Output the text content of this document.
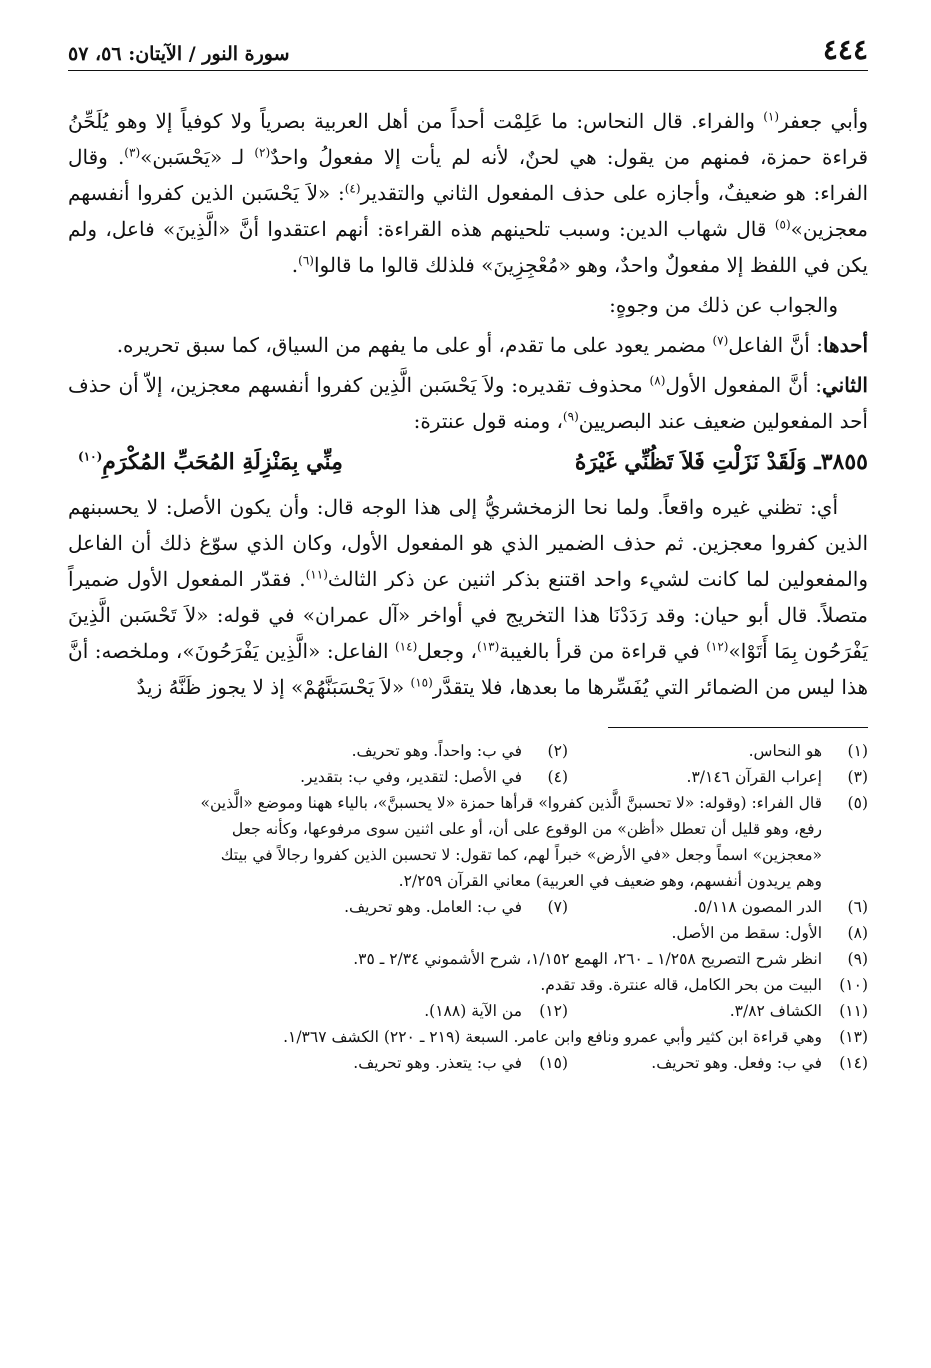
٤٤٤
سورة النور / الآيتان: ٥٦، ٥٧

وأبي جعفر$^{(١)}$ والفراء. قال النحاس: ما عَلِمْت أحداً من أهل العربية بصرياً ولا كوفياً إلا وهو يُلَحِّنُ قراءة حمزة، فمنهم من يقول: هي لحنٌ، لأنه لم يأت إلا مفعولُ واحدٌ$^{(٢)}$ لـ «يَحْسَبن»$^{(٣)}$. وقال الفراء: هو ضعيفٌ، وأجازه على حذف المفعول الثاني والتقدير$^{(٤)}$: «لاَ يَحْسَبن الذين كفروا أنفسهم معجزين»$^{(٥)}$ قال شهاب الدين: وسبب تلحينهم هذه القراءة: أنهم اعتقدوا أنَّ «الَّذِينَ» فاعل، ولم يكن في اللفظ إلا مفعولٌ واحدٌ، وهو «مُعْجِزِينَ» فلذلك قالوا ما قالوا$^{(٦)}$.

والجواب عن ذلك من وجوهٍ:

أحدها: أنَّ الفاعل$^{(٧)}$ مضمر يعود على ما تقدم، أو على ما يفهم من السياق، كما سبق تحريره.

الثاني: أنَّ المفعول الأول$^{(٨)}$ محذوف تقديره: ولاَ يَحْسَبن الَّذِين كفروا أنفسهم معجزين، إلاّ أن حذف أحد المفعولين ضعيف عند البصريين$^{(٩)}$، ومنه قول عنترة:

٣٨٥٥ـ وَلَقَدْ نَزَلْتِ فَلاَ تَظُنِّي غَيْرَهُ
مِنِّي بِمَنْزِلَةِ المُحَبِّ المُكْرَمِ$^{(١٠)}$

أي: تظني غيره واقعاً. ولما نحا الزمخشريُّ إلى هذا الوجه قال: وأن يكون الأصل: لا يحسبنهم الذين كفروا معجزين. ثم حذف الضمير الذي هو المفعول الأول، وكان الذي سوّغ ذلك أن الفاعل والمفعولين لما كانت لشيء واحد اقتنع بذكر اثنين عن ذكر الثالث$^{(١١)}$. فقدّر المفعول الأول ضميراً متصلاً. قال أبو حيان: وقد رَدَدْنَا هذا التخريج في أواخر «آل عمران» في قوله: «لاَ تَحْسَبن الَّذِينَ يَفْرَحُون بِمَا أَتَوْا»$^{(١٢)}$ في قراءة من قرأ بالغيبة$^{(١٣)}$، وجعل$^{(١٤)}$ الفاعل: «الَّذِين يَفْرَحُونَ»، وملخصه: أنَّ هذا ليس من الضمائر التي يُفَسِّرها ما بعدها، فلا يتقدَّر$^{(١٥)}$ «لاَ يَحْسَبَنَّهُمْ» إذ لا يجوز ظَنَّهُ زيدٌ

(١)
هو النحاس.
(٢)
في ب: واحداً. وهو تحريف.
(٣)
إعراب القرآن ٣/١٤٦.
(٤)
في الأصل: لتقدير، وفي ب: بتقدير.
(٥)
قال الفراء: (وقوله: «لا تحسبنَّ الَّذين كفروا» قرأها حمزة «لا يحسبنَّ»، بالياء ههنا وموضع «الَّذين»
رفع، وهو قليل أن تعطل «أظن» من الوقوع على أن، أو على اثنين سوى مرفوعها، وكأنه جعل
«معجزين» اسماً وجعل «في الأرض» خبراً لهم، كما تقول: لا تحسبن الذين كفروا رجالاً في بيتك
وهم يريدون أنفسهم، وهو ضعيف في العربية) معاني القرآن ٢/٢٥٩.
(٦)
الدر المصون ٥/١١٨.
(٧)
في ب: العامل. وهو تحريف.
(٨)
الأول: سقط من الأصل.
(٩)
انظر شرح التصريح ١/٢٥٨ ـ ٢٦٠، الهمع ١/١٥٢، شرح الأشموني ٢/٣٤ ـ ٣٥.
(١٠)
البيت من بحر الكامل، قاله عنترة. وقد تقدم.
(١١)
الكشاف ٣/٨٢.
(١٢)
من الآية (١٨٨).
(١٣)
وهي قراءة ابن كثير وأبي عمرو ونافع وابن عامر. السبعة (٢١٩ ـ ٢٢٠) الكشف ١/٣٦٧.
(١٤)
في ب: وفعل. وهو تحريف.
(١٥)
في ب: يتعذر. وهو تحريف.
